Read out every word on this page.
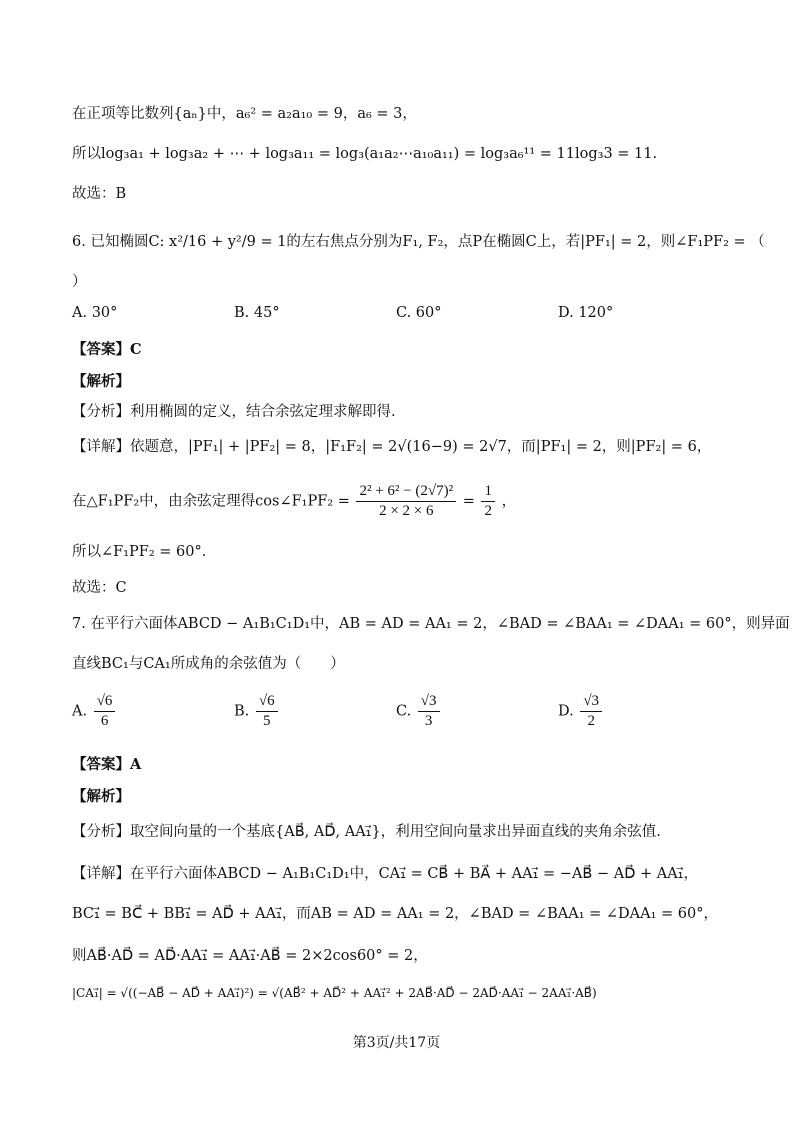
在正项等比数列{aₙ}中，a₆² = a₂a₁₀ = 9，a₆ = 3，
所以log₃a₁ + log₃a₂ + ⋯ + log₃a₁₁ = log₃(a₁a₂⋯a₁₀a₁₁) = log₃a₆¹¹ = 11log₃3 = 11.
故选：B
6. 已知椭圆C: x²/16 + y²/9 = 1的左右焦点分别为F₁, F₂，点P在椭圆C上，若|PF₁| = 2，则∠F₁PF₂ = （
）
A. 30°	B. 45°	C. 60°	D. 120°
【答案】C
【解析】
【分析】利用椭圆的定义，结合余弦定理求解即得.
【详解】依题意，|PF₁| + |PF₂| = 8，|F₁F₂| = 2√(16−9) = 2√7，而|PF₁| = 2，则|PF₂| = 6，
在△F₁PF₂中，由余弦定理得cos∠F₁PF₂ = $\frac{\text{2² + 6² − (2√7)²}}{2 \times 2 \times 6} = \frac{1}{2}$ ，
所以∠F₁PF₂ = 60°.
故选：C
7. 在平行六面体ABCD − A₁B₁C₁D₁中，AB = AD = AA₁ = 2，∠BAD = ∠BAA₁ = ∠DAA₁ = 60°，则异面
直线BC₁与CA₁所成角的余弦值为（　　）
A. $\frac{√6}{6}$	B. $\frac{√6}{5}$	C. $\frac{√3}{3}$	D. $\frac{√3}{2}$
【答案】A
【解析】
【分析】取空间向量的一个基底{AB⃗, AD⃗, AA₁⃗}，利用空间向量求出异面直线的夹角余弦值.
【详解】在平行六面体ABCD − A₁B₁C₁D₁中，CA₁⃗ = CB⃗ + BA⃗ + AA₁⃗ = −AB⃗ − AD⃗ + AA₁⃗，
BC₁⃗ = BC⃗ + BB₁⃗ = AD⃗ + AA₁⃗，而AB = AD = AA₁ = 2，∠BAD = ∠BAA₁ = ∠DAA₁ = 60°，
则AB⃗·AD⃗ = AD⃗·AA₁⃗ = AA₁⃗·AB⃗ = 2×2cos60° = 2，
|CA₁⃗| = √((−AB⃗ − AD⃗ + AA₁⃗)²) = √(AB⃗² + AD⃗² + AA₁⃗² + 2AB⃗·AD⃗ − 2AD⃗·AA₁⃗ − 2AA₁⃗·AB⃗)
第3页/共17页
